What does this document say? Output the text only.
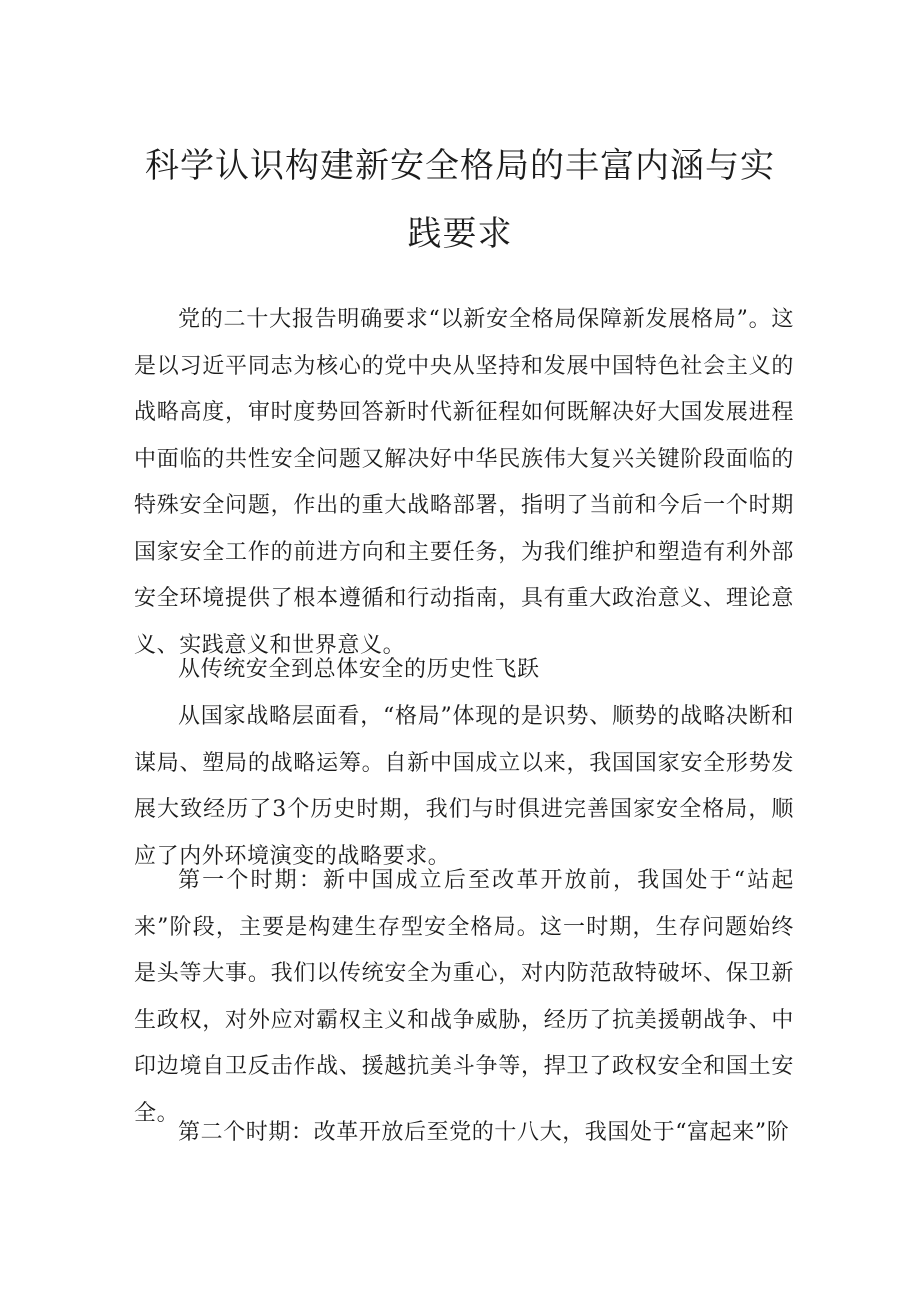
科学认识构建新安全格局的丰富内涵与实
践要求

党的二十大报告明确要求“以新安全格局保障新发展格局”。这是以习近平同志为核心的党中央从坚持和发展中国特色社会主义的战略高度，审时度势回答新时代新征程如何既解决好大国发展进程中面临的共性安全问题又解决好中华民族伟大复兴关键阶段面临的特殊安全问题，作出的重大战略部署，指明了当前和今后一个时期国家安全工作的前进方向和主要任务，为我们维护和塑造有利外部安全环境提供了根本遵循和行动指南，具有重大政治意义、理论意义、实践意义和世界意义。

从传统安全到总体安全的历史性飞跃

从国家战略层面看，“格局”体现的是识势、顺势的战略决断和谋局、塑局的战略运筹。自新中国成立以来，我国国家安全形势发展大致经历了3个历史时期，我们与时俱进完善国家安全格局，顺应了内外环境演变的战略要求。

第一个时期：新中国成立后至改革开放前，我国处于“站起来”阶段，主要是构建生存型安全格局。这一时期，生存问题始终是头等大事。我们以传统安全为重心，对内防范敌特破坏、保卫新生政权，对外应对霸权主义和战争威胁，经历了抗美援朝战争、中印边境自卫反击作战、援越抗美斗争等，捍卫了政权安全和国土安全。

第二个时期：改革开放后至党的十八大，我国处于“富起来”阶
